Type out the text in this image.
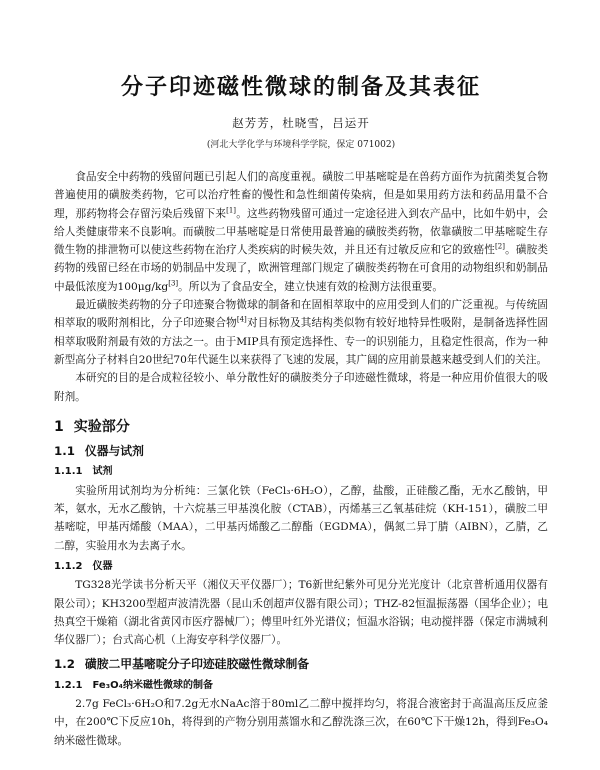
分子印迹磁性微球的制备及其表征
赵芳芳，杜晓雪，吕运开
(河北大学化学与环境科学学院，保定 071002)

食品安全中药物的残留问题已引起人们的高度重视。磺胺二甲基嘧啶是在兽药方面作为抗菌类复合物普遍使用的磺胺类药物，它可以治疗牲畜的慢性和急性细菌传染病，但是如果用药方法和药品用量不合理，那药物将会存留污染后残留下来[1]。这些药物残留可通过一定途径进入到农产品中，比如牛奶中，会给人类健康带来不良影响。而磺胺二甲基嘧啶是日常使用最普遍的磺胺类药物，依靠磺胺二甲基嘧啶生存微生物的排泄物可以使这些药物在治疗人类疾病的时候失效，并且还有过敏反应和它的致癌性[2]。磺胺类药物的残留已经在市场的奶制品中发现了，欧洲管理部门规定了磺胺类药物在可食用的动物组织和奶制品中最低浓度为100μg/kg[3]。所以为了食品安全，建立快速有效的检测方法很重要。

最近磺胺类药物的分子印迹聚合物微球的制备和在固相萃取中的应用受到人们的广泛重视。与传统固相萃取的吸附剂相比，分子印迹聚合物[4]对目标物及其结构类似物有较好地特异性吸附，是制备选择性固相萃取吸附剂最有效的方法之一。由于MIP具有预定选择性、专一的识别能力，且稳定性很高，作为一种新型高分子材料自20世纪70年代诞生以来获得了飞速的发展，其广阔的应用前景越来越受到人们的关注。

本研究的目的是合成粒径较小、单分散性好的磺胺类分子印迹磁性微球，将是一种应用价值很大的吸附剂。

1 实验部分
1.1 仪器与试剂
1.1.1 试剂

实验所用试剂均为分析纯：三氯化铁（FeCl₃·6H₂O），乙醇，盐酸，正硅酸乙酯，无水乙酸钠，甲苯，氨水，无水乙酸钠，十六烷基三甲基溴化胺（CTAB），丙烯基三乙氧基硅烷（KH-151），磺胺二甲基嘧啶，甲基丙烯酸（MAA），二甲基丙烯酸乙二醇酯（EGDMA），偶氮二异丁腈（AIBN），乙腈，乙二醇，实验用水为去离子水。

1.1.2 仪器

TG328光学读书分析天平（湘仪天平仪器厂）；T6新世纪紫外可见分光光度计（北京普析通用仪器有限公司）；KH3200型超声波清洗器（昆山禾创超声仪器有限公司）；THZ-82恒温振荡器（国华企业）；电热真空干燥箱（湖北省黄冈市医疗器械厂）；傅里叶红外光谱仪；恒温水浴锅；电动搅拌器（保定市满城利华仪器厂）；台式高心机（上海安亭科学仪器厂）。

1.2 磺胺二甲基嘧啶分子印迹硅胶磁性微球制备
1.2.1 Fe₃O₄纳米磁性微球的制备

2.7g FeCl₃·6H₂O和7.2g无水NaAc溶于80ml乙二醇中搅拌均匀，将混合液密封于高温高压反应釜中，在200℃下反应10h，将得到的产物分别用蒸馏水和乙醇洗涤三次，在60℃下干燥12h，得到Fe₃O₄纳米磁性微球。
